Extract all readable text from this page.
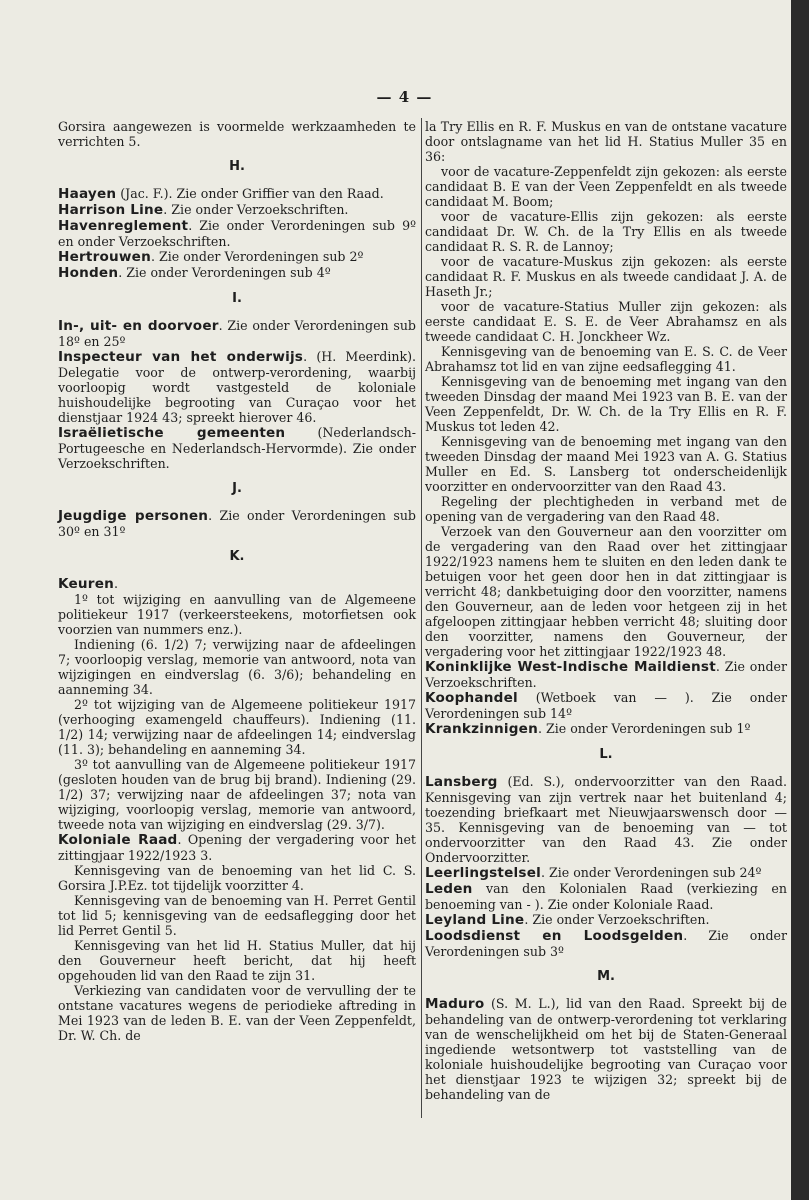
— 4 —

Gorsira aangewezen is voormelde werkzaamheden te verrichten 5.

H.

Haayen (Jac. F.). Zie onder Griffier van den Raad.

Harrison Line. Zie onder Verzoekschriften.

Havenreglement. Zie onder Verordeningen sub 9º en onder Verzoekschriften.

Hertrouwen. Zie onder Verordeningen sub 2º

Honden. Zie onder Verordeningen sub 4º

I.

In-, uit- en doorvoer. Zie onder Verordeningen sub 18º en 25º

Inspecteur van het onderwijs. (H. Meerdink). Delegatie voor de ontwerp-verordening, waarbij voorloopig wordt vastgesteld de koloniale huishoudelijke begrooting van Curaçao voor het dienstjaar 1924 43; spreekt hierover 46.

Israëlietische gemeenten (Nederlandsch-Portugeesche en Nederlandsch-Hervormde). Zie onder Verzoekschriften.

J.

Jeugdige personen. Zie onder Verordeningen sub 30º en 31º

K.

Keuren.

1º tot wijziging en aanvulling van de Algemeene politiekeur 1917 (verkeersteekens, motorfietsen ook voorzien van nummers enz.).

Indiening (6. 1/2) 7; verwijzing naar de afdeelingen 7; voorloopig verslag, memorie van antwoord, nota van wijzigingen en eindverslag (6. 3/6); behandeling en aanneming 34.

2º tot wijziging van de Algemeene politiekeur 1917 (verhooging examengeld chauffeurs). Indiening (11. 1/2) 14; verwijzing naar de afdeelingen 14; eindverslag (11. 3); behandeling en aanneming 34.

3º tot aanvulling van de Algemeene politiekeur 1917 (gesloten houden van de brug bij brand). Indiening (29. 1/2) 37; verwijzing naar de afdeelingen 37; nota van wijziging, voorloopig verslag, memorie van antwoord, tweede nota van wijziging en eindverslag (29. 3/7).

Koloniale Raad. Opening der vergadering voor het zittingjaar 1922/1923 3.

Kennisgeving van de benoeming van het lid C. S. Gorsira J.P.Ez. tot tijdelijk voorzitter 4.

Kennisgeving van de benoeming van H. Perret Gentil tot lid 5; kennisgeving van de eedsaflegging door het lid Perret Gentil 5.

Kennisgeving van het lid H. Statius Muller, dat hij den Gouverneur heeft bericht, dat hij heeft opgehouden lid van den Raad te zijn 31.

Verkiezing van candidaten voor de vervulling der te ontstane vacatures wegens de periodieke aftreding in Mei 1923 van de leden B. E. van der Veen Zeppenfeldt, Dr. W. Ch. de

la Try Ellis en R. F. Muskus en van de ontstane vacature door ontslagname van het lid H. Statius Muller 35 en 36:

voor de vacature-Zeppenfeldt zijn gekozen: als eerste candidaat B. E van der Veen Zeppenfeldt en als tweede candidaat M. Boom;

voor de vacature-Ellis zijn gekozen: als eerste candidaat Dr. W. Ch. de la Try Ellis en als tweede candidaat R. S. R. de Lannoy;

voor de vacature-Muskus zijn gekozen: als eerste candidaat R. F. Muskus en als tweede candidaat J. A. de Haseth Jr.;

voor de vacature-Statius Muller zijn gekozen: als eerste candidaat E. S. E. de Veer Abrahamsz en als tweede candidaat C. H. Jonckheer Wz.

Kennisgeving van de benoeming van E. S. C. de Veer Abrahamsz tot lid en van zijne eedsaflegging 41.

Kennisgeving van de benoeming met ingang van den tweeden Dinsdag der maand Mei 1923 van B. E. van der Veen Zeppenfeldt, Dr. W. Ch. de la Try Ellis en R. F. Muskus tot leden 42.

Kennisgeving van de benoeming met ingang van den tweeden Dinsdag der maand Mei 1923 van A. G. Statius Muller en Ed. S. Lansberg tot onderscheidenlijk voorzitter en ondervoorzitter van den Raad 43.

Regeling der plechtigheden in verband met de opening van de vergadering van den Raad 48.

Verzoek van den Gouverneur aan den voorzitter om de vergadering van den Raad over het zittingjaar 1922/1923 namens hem te sluiten en den leden dank te betuigen voor het geen door hen in dat zittingjaar is verricht 48; dankbetuiging door den voorzitter, namens den Gouverneur, aan de leden voor hetgeen zij in het afgeloopen zittingjaar hebben verricht 48; sluiting door den voorzitter, namens den Gouverneur, der vergadering voor het zittingjaar 1922/1923 48.

Koninklijke West-Indische Maildienst. Zie onder Verzoekschriften.

Koophandel (Wetboek van — ). Zie onder Verordeningen sub 14º

Krankzinnigen. Zie onder Verordeningen sub 1º

L.

Lansberg (Ed. S.), ondervoorzitter van den Raad. Kennisgeving van zijn vertrek naar het buitenland 4; toezending briefkaart met Nieuwjaarswensch door — 35. Kennisgeving van de benoeming van — tot ondervoorzitter van den Raad 43. Zie onder Ondervoorzitter.

Leerlingstelsel. Zie onder Verordeningen sub 24º

Leden van den Kolonialen Raad (verkiezing en benoeming van - ). Zie onder Koloniale Raad.

Leyland Line. Zie onder Verzoekschriften.

Loodsdienst en Loodsgelden. Zie onder Verordeningen sub 3º

M.

Maduro (S. M. L.), lid van den Raad. Spreekt bij de behandeling van de ontwerp-verordening tot verklaring van de wenschelijkheid om het bij de Staten-Generaal ingediende wetsontwerp tot vaststelling van de koloniale huishoudelijke begrooting van Curaçao voor het dienstjaar 1923 te wijzigen 32; spreekt bij de behandeling van de
